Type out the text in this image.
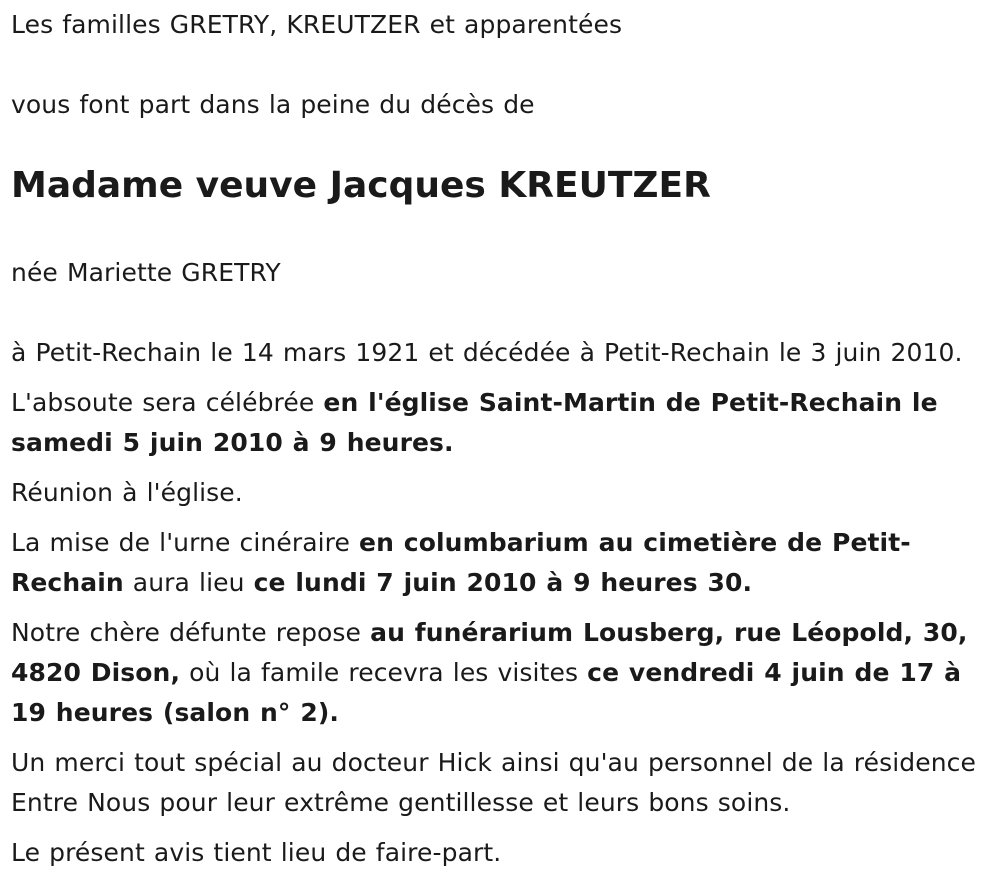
Les familles GRETRY, KREUTZER et apparentées

vous font part dans la peine du décès de

Madame veuve Jacques KREUTZER

née Mariette GRETRY

à Petit-Rechain le 14 mars 1921 et décédée à Petit-Rechain le 3 juin 2010.

L'absoute sera célébrée en l'église Saint-Martin de Petit-Rechain le samedi 5 juin 2010 à 9 heures.

Réunion à l'église.

La mise de l'urne cinéraire en columbarium au cimetière de Petit-Rechain aura lieu ce lundi 7 juin 2010 à 9 heures 30.

Notre chère défunte repose au funérarium Lousberg, rue Léopold, 30, 4820 Dison, où la famile recevra les visites ce vendredi 4 juin de 17 à 19 heures (salon n° 2).

Un merci tout spécial au docteur Hick ainsi qu'au personnel de la résidence Entre Nous pour leur extrême gentillesse et leurs bons soins.

Le présent avis tient lieu de faire-part.
